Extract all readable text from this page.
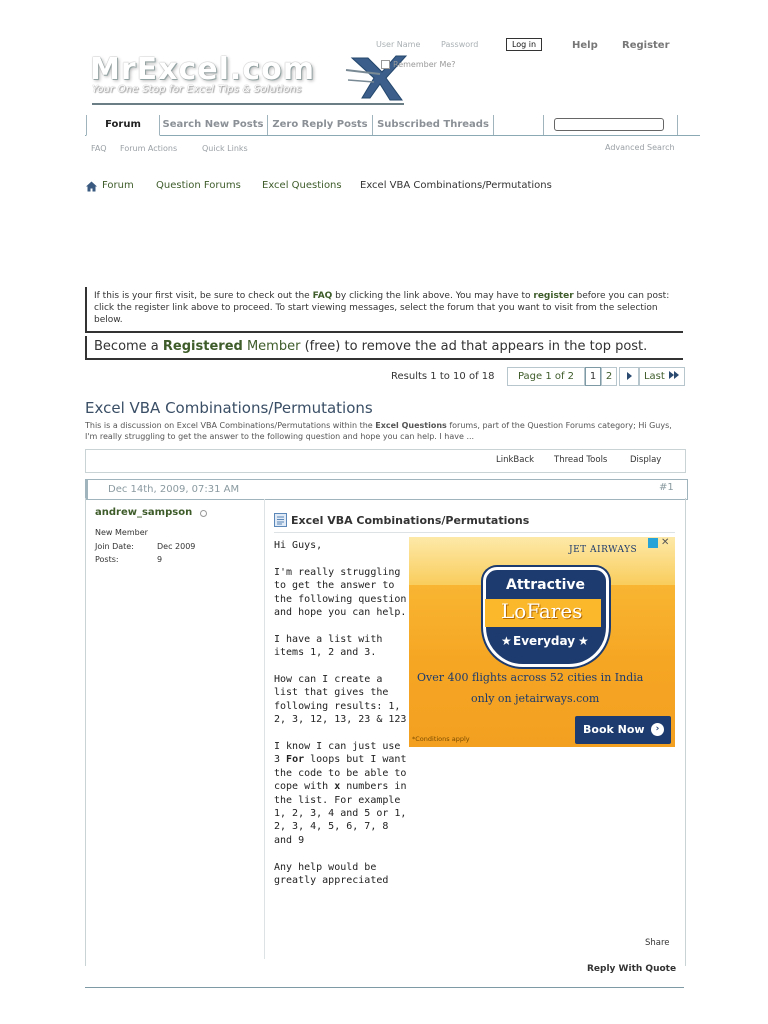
MrExcel.com
Your One Stop for Excel Tips & Solutions
User Name	Password	Log in
Remember Me?
Help Register
Forum	Search New Posts Zero Reply Posts Subscribed Threads
FAQ Forum Actions	Quick Links	Advanced Search
Forum Question Forums Excel Questions Excel VBA Combinations/Permutations
If this is your first visit, be sure to check out the FAQ by clicking the link above. You may have to register before you can post: click the register link above to proceed. To start viewing messages, select the forum that you want to visit from the selection below.
Become a Registered Member (free) to remove the ad that appears in the top post.
Results 1 to 10 of 18	Page 1 of 2	1 2	Last
Excel VBA Combinations/Permutations
This is a discussion on Excel VBA Combinations/Permutations within the Excel Questions forums, part of the Question Forums category; Hi Guys, I'm really struggling to get the answer to the following question and hope you can help. I have ...
LinkBack Thread Tools	Display
Dec 14th, 2009, 07:31 AM	#1
andrew_sampson
New Member
Join Date:	Dec 2009
Posts:	9
Excel VBA Combinations/Permutations

Hi Guys,

I'm really struggling to get the answer to the following question and hope you can help.

I have a list with items 1, 2 and 3.

How can I create a list that gives the following results: 1, 2, 3, 12, 13, 23 & 123

I know I can just use 3 For loops but I want the code to be able to cope with x numbers in the list. For example 1, 2, 3, 4 and 5 or 1, 2, 3, 4, 5, 6, 7, 8 and 9

Any help would be greatly appreciated

JET AIRWAYS
✕
Attractive
LoFares
★ Everyday ★
Over 400 flights across 52 cities in India
only on jetairways.com
Book Now	›
*Conditions apply
Share
Reply With Quote
